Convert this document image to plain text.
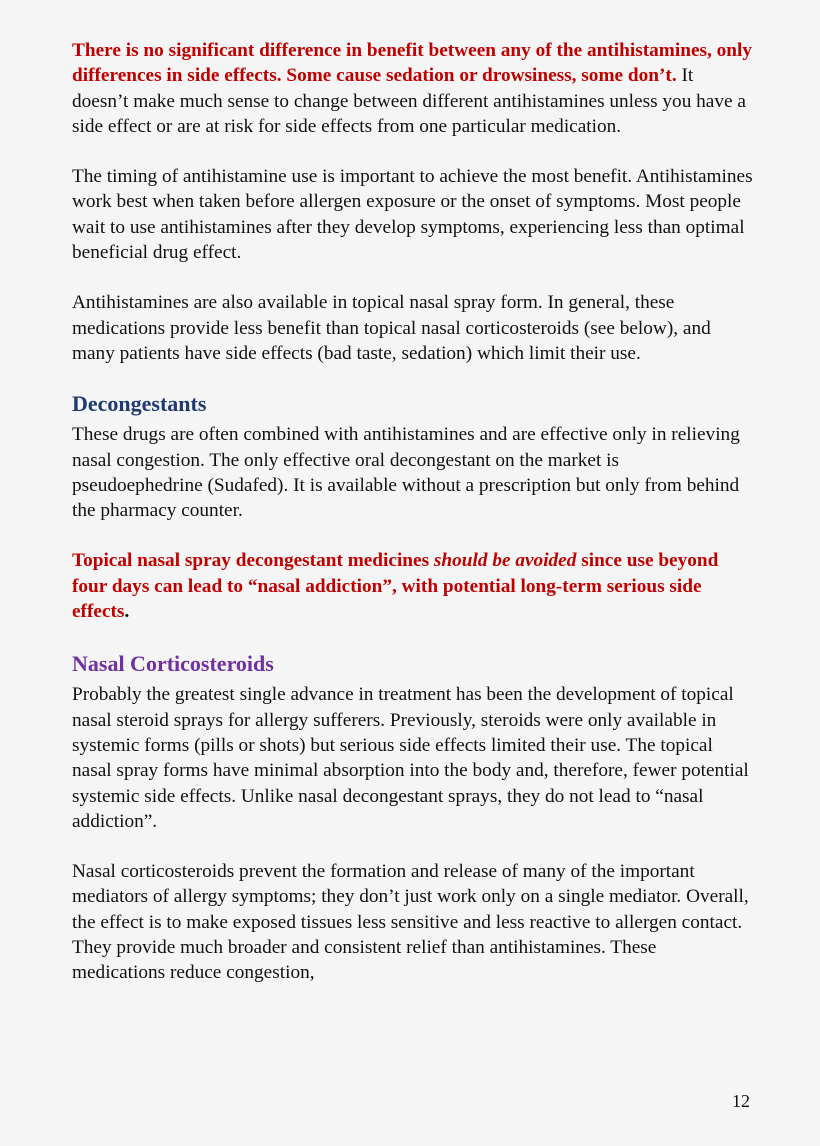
There is no significant difference in benefit between any of the antihistamines, only differences in side effects. Some cause sedation or drowsiness, some don’t. It doesn’t make much sense to change between different antihistamines unless you have a side effect or are at risk for side effects from one particular medication.

The timing of antihistamine use is important to achieve the most benefit. Antihistamines work best when taken before allergen exposure or the onset of symptoms. Most people wait to use antihistamines after they develop symptoms, experiencing less than optimal beneficial drug effect.

Antihistamines are also available in topical nasal spray form. In general, these medications provide less benefit than topical nasal corticosteroids (see below), and many patients have side effects (bad taste, sedation) which limit their use.

Decongestants

These drugs are often combined with antihistamines and are effective only in relieving nasal congestion. The only effective oral decongestant on the market is pseudoephedrine (Sudafed). It is available without a prescription but only from behind the pharmacy counter.

Topical nasal spray decongestant medicines should be avoided since use beyond four days can lead to “nasal addiction”, with potential long-term serious side effects.

Nasal Corticosteroids

Probably the greatest single advance in treatment has been the development of topical nasal steroid sprays for allergy sufferers. Previously, steroids were only available in systemic forms (pills or shots) but serious side effects limited their use. The topical nasal spray forms have minimal absorption into the body and, therefore, fewer potential systemic side effects. Unlike nasal decongestant sprays, they do not lead to “nasal addiction”.

Nasal corticosteroids prevent the formation and release of many of the important mediators of allergy symptoms; they don’t just work only on a single mediator. Overall, the effect is to make exposed tissues less sensitive and less reactive to allergen contact. They provide much broader and consistent relief than antihistamines. These medications reduce congestion,

12
